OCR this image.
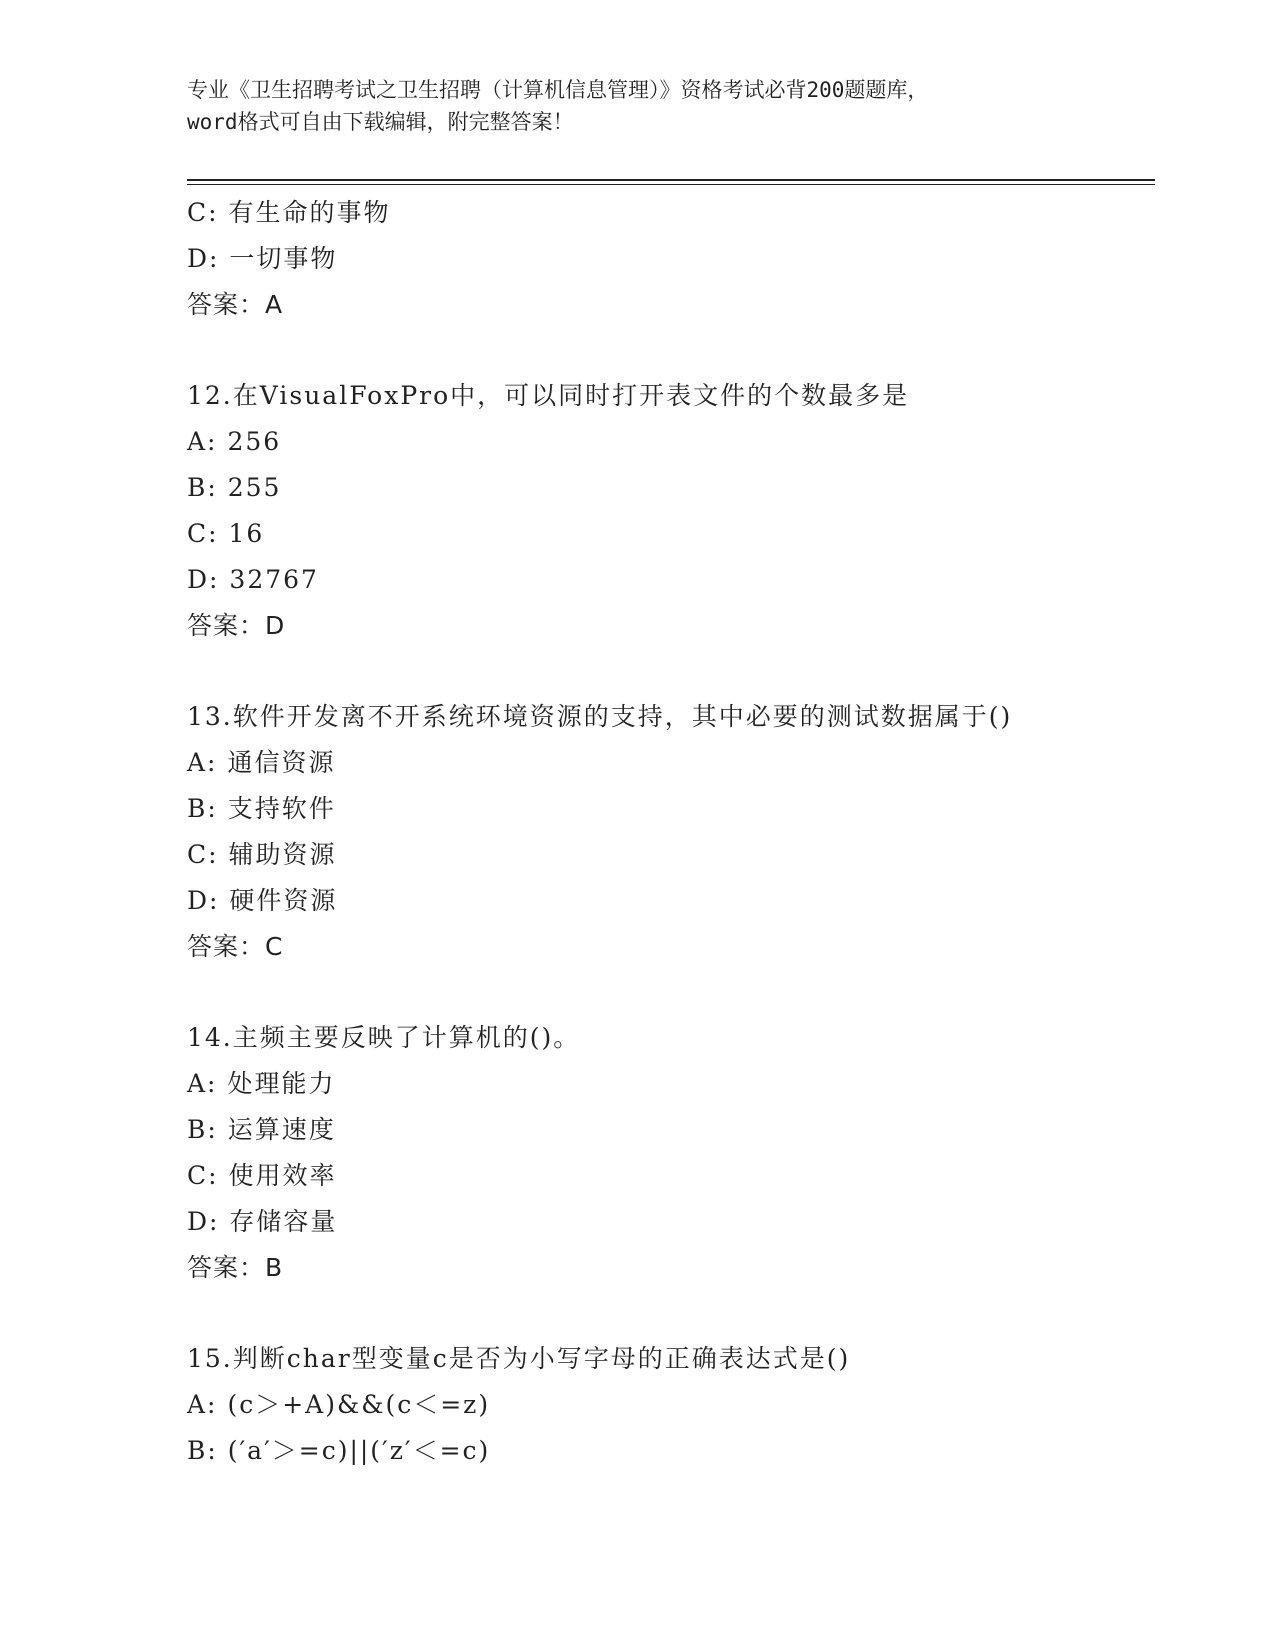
专业《卫生招聘考试之卫生招聘（计算机信息管理）》资格考试必背200题题库，
word格式可自由下载编辑，附完整答案！
C: 有生命的事物
D: 一切事物
答案：A
12.在VisualFoxPro中，可以同时打开表文件的个数最多是
A: 256
B: 255
C: 16
D: 32767
答案：D
13.软件开发离不开系统环境资源的支持，其中必要的测试数据属于()
A: 通信资源
B: 支持软件
C: 辅助资源
D: 硬件资源
答案：C
14.主频主要反映了计算机的()。
A: 处理能力
B: 运算速度
C: 使用效率
D: 存储容量
答案：B
15.判断char型变量c是否为小写字母的正确表达式是()
A: (c＞+A)&&(c＜=z)
B: (′a′＞=c)||(′z′＜=c)
